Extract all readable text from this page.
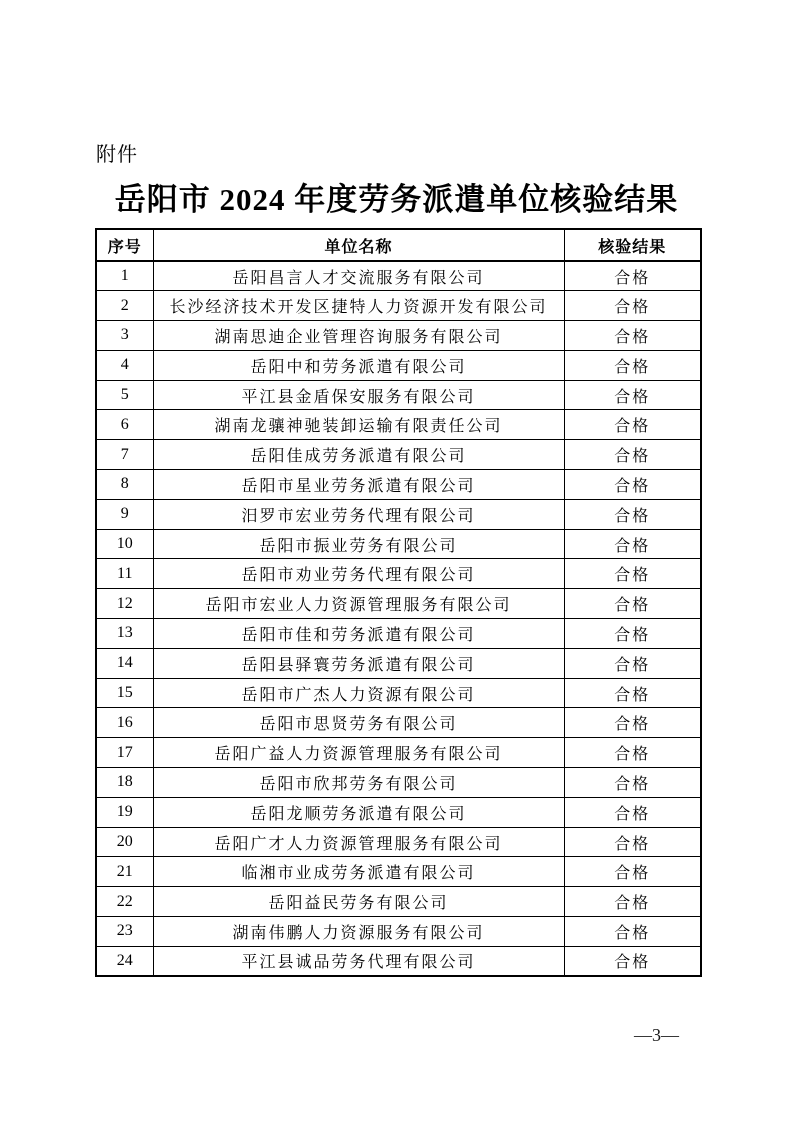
附件
岳阳市 2024 年度劳务派遣单位核验结果
序号	单位名称	核验结果
1	岳阳昌言人才交流服务有限公司	合格
2	长沙经济技术开发区捷特人力资源开发有限公司	合格
3	湖南思迪企业管理咨询服务有限公司	合格
4	岳阳中和劳务派遣有限公司	合格
5	平江县金盾保安服务有限公司	合格
6	湖南龙骧神驰装卸运输有限责任公司	合格
7	岳阳佳成劳务派遣有限公司	合格
8	岳阳市星业劳务派遣有限公司	合格
9	汨罗市宏业劳务代理有限公司	合格
10	岳阳市振业劳务有限公司	合格
11	岳阳市劝业劳务代理有限公司	合格
12	岳阳市宏业人力资源管理服务有限公司	合格
13	岳阳市佳和劳务派遣有限公司	合格
14	岳阳县驿寰劳务派遣有限公司	合格
15	岳阳市广杰人力资源有限公司	合格
16	岳阳市思贤劳务有限公司	合格
17	岳阳广益人力资源管理服务有限公司	合格
18	岳阳市欣邦劳务有限公司	合格
19	岳阳龙顺劳务派遣有限公司	合格
20	岳阳广才人力资源管理服务有限公司	合格
21	临湘市业成劳务派遣有限公司	合格
22	岳阳益民劳务有限公司	合格
23	湖南伟鹏人力资源服务有限公司	合格
24	平江县诚品劳务代理有限公司	合格
—3—
